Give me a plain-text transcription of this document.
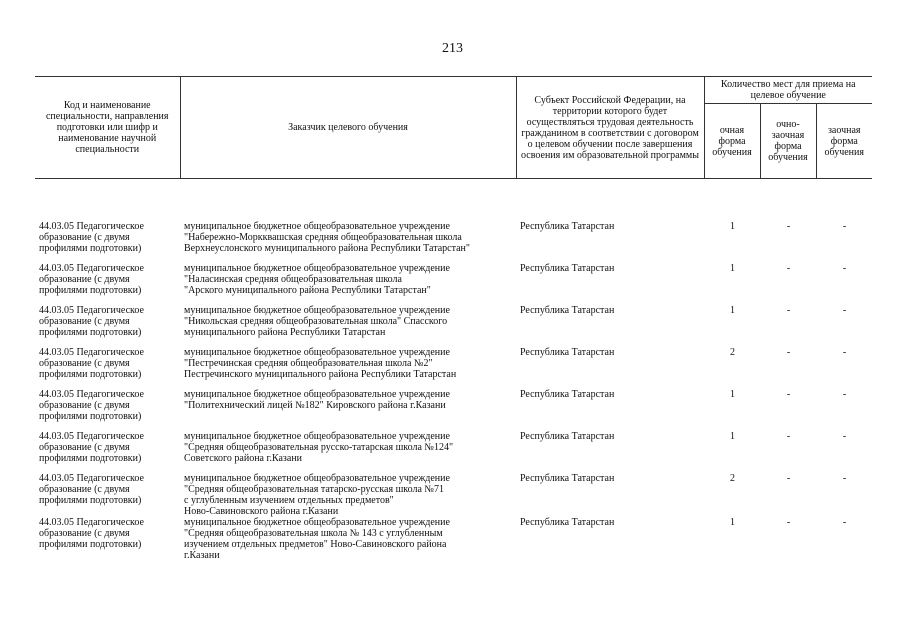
213
Код и наименование специальности, направления подготовки или шифр и наименование научной специальности	Заказчик целевого обучения	Субъект Российской Федерации, на территории которого будет осуществляться трудовая деятельность гражданином в соответствии с договором о целевом обучении после завершения освоения им образовательной программы	Количество мест для приема на целевое обучение		
			очная форма обучения	очно-заочная форма обучения	заочная форма обучения

44.03.05 Педагогическое образование (с двумя профилями подготовки)	муниципальное бюджетное общеобразовательное учреждение
"Набережно-Моркквашская средняя общеобразовательная школа
Верхнеуслонского муниципального района Республики Татарстан"	Республика Татарстан	1	-	-
44.03.05 Педагогическое образование (с двумя профилями подготовки)	муниципальное бюджетное общеобразовательное учреждение
"Наласинская средняя общеобразовательная школа
"Арского муниципального района Республики Татарстан"	Республика Татарстан	1	-	-
44.03.05 Педагогическое образование (с двумя профилями подготовки)	муниципальное бюджетное общеобразовательное учреждение
"Никольская средняя общеобразовательная школа" Спасского
муниципального района Республики Татарстан	Республика Татарстан	1	-	-
44.03.05 Педагогическое образование (с двумя профилями подготовки)	муниципальное бюджетное общеобразовательное учреждение
"Пестречинская средняя общеобразовательная школа №2"
Пестречинского муниципального района Республики Татарстан	Республика Татарстан	2	-	-
44.03.05 Педагогическое образование (с двумя профилями подготовки)	муниципальное бюджетное общеобразовательное учреждение
"Политехнический лицей №182" Кировского района г.Казани	Республика Татарстан	1	-	-
44.03.05 Педагогическое образование (с двумя профилями подготовки)	муниципальное бюджетное общеобразовательное учреждение
"Средняя общеобразовательная русско-татарская школа №124"
Советского района г.Казани	Республика Татарстан	1	-	-
44.03.05 Педагогическое образование (с двумя профилями подготовки)	муниципальное бюджетное общеобразовательное учреждение
"Средняя общеобразовательная татарско-русская школа №71
с углубленным изучением отдельных предметов"
Ново-Савиновского района г.Казани	Республика Татарстан	2	-	-
44.03.05 Педагогическое образование (с двумя профилями подготовки)	муниципальное бюджетное общеобразовательное учреждение
"Средняя общеобразовательная школа № 143 с углубленным
изучением отдельных предметов" Ново-Савиновского района
г.Казани	Республика Татарстан	1	-	-
